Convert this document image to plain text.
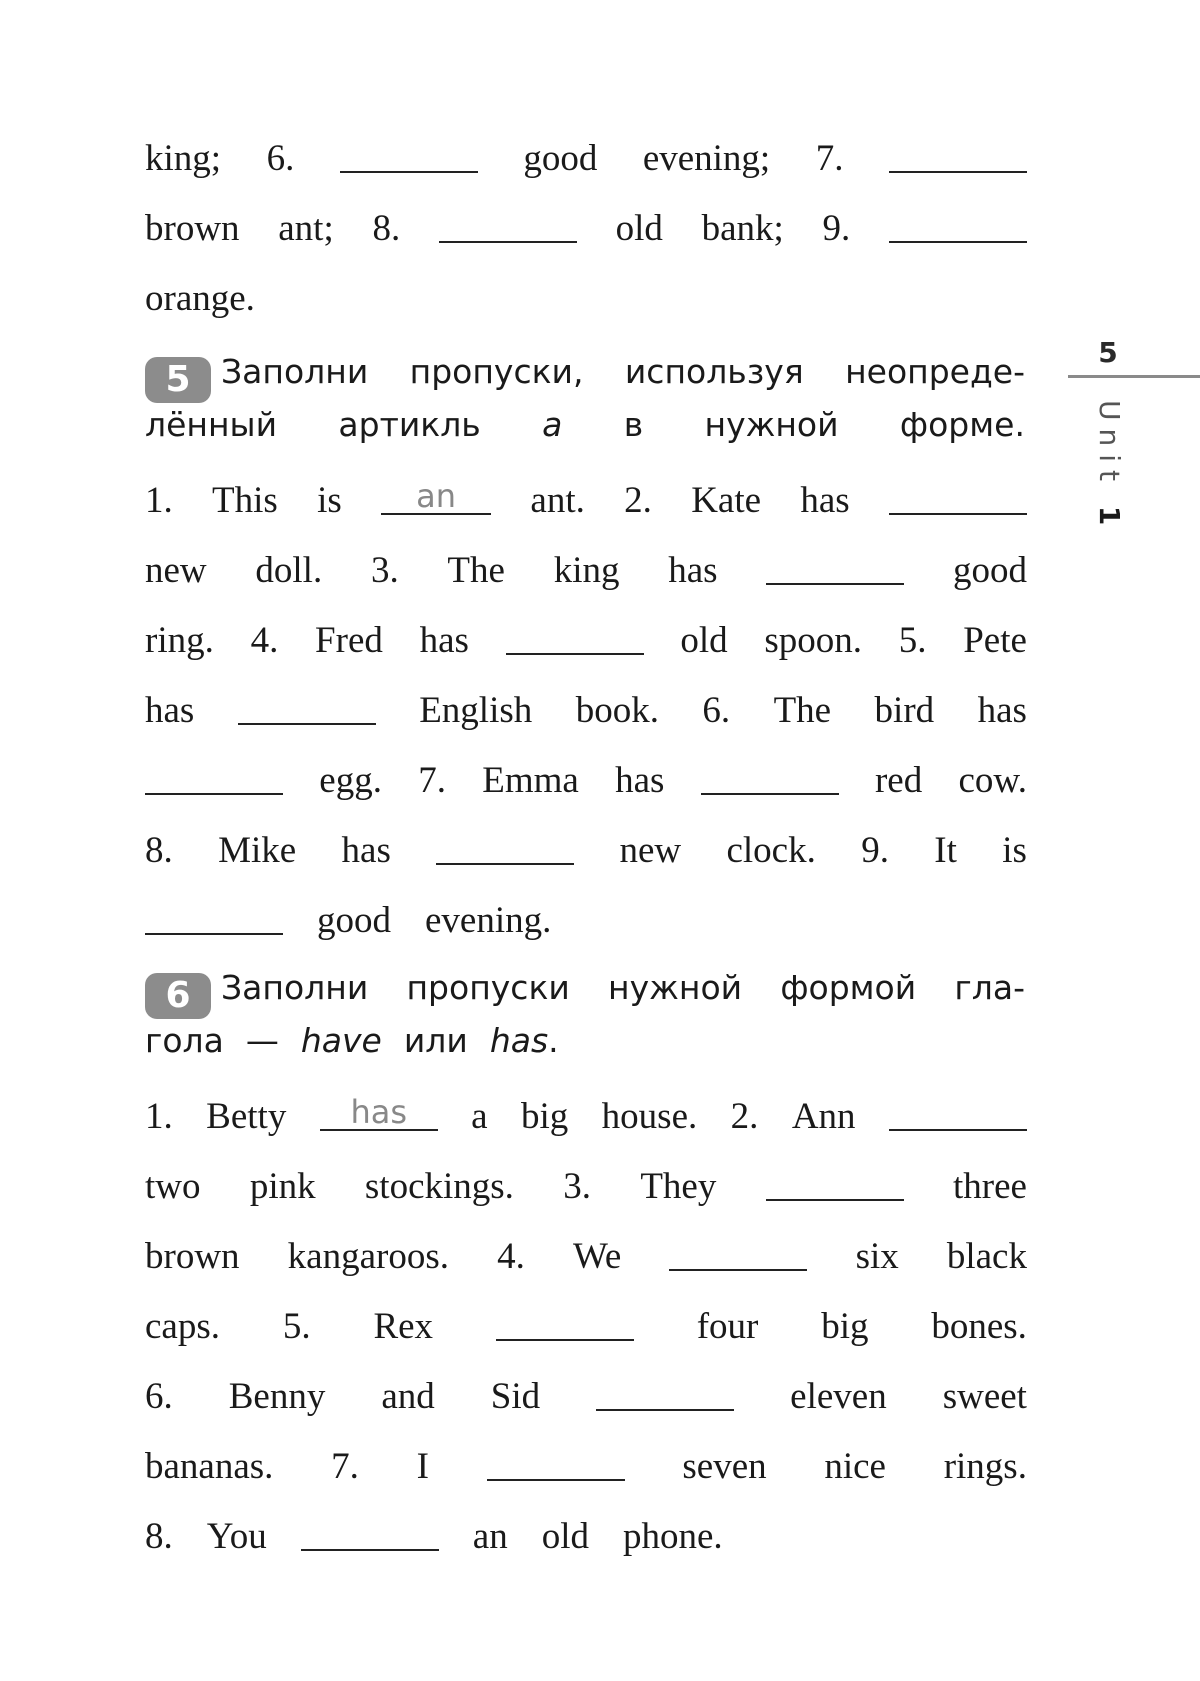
5
Unit 1
king; 6.	good evening; 7.
brown ant; 8.	old bank; 9.
orange.
5 Заполни пропуски, используя неопреде-
лённый артикль a в нужной форме.
1. This is	an	ant. 2. Kate has
new doll. 3. The king has	good
ring. 4. Fred has	old spoon. 5. Pete
has	English book. 6. The bird has
egg. 7. Emma has	red cow.
8. Mike has	new clock. 9. It is
good evening.
6 Заполни пропуски нужной формой гла-
гола — have или has.
1. Betty	has	a big house. 2. Ann
two pink stockings. 3. They	three
brown kangaroos. 4. We	six black
caps. 5. Rex	four big bones.
6. Benny and Sid	eleven sweet
bananas. 7. I	seven nice rings.
8. You	an old phone.
